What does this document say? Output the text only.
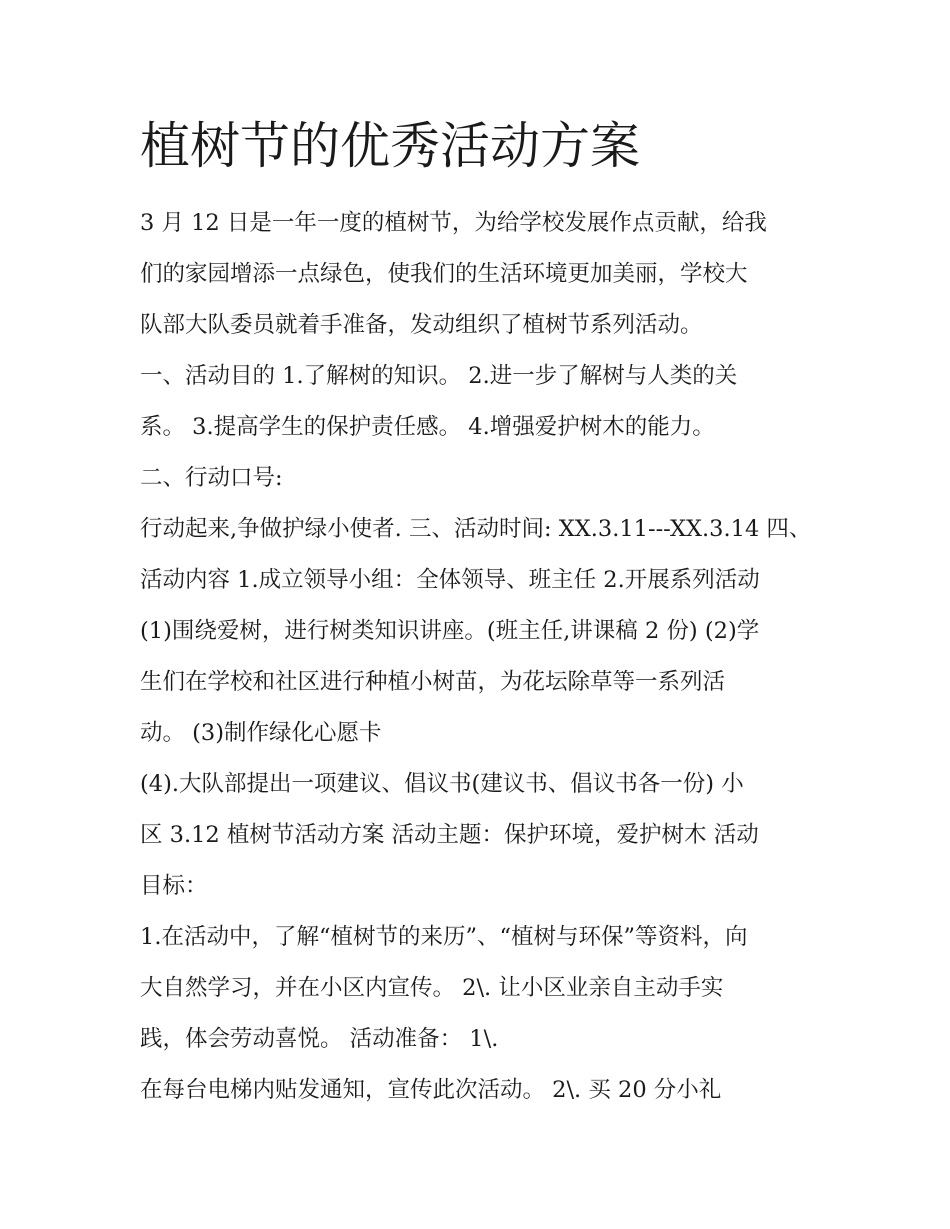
植树节的优秀活动方案
3 月 12 日是一年一度的植树节，为给学校发展作点贡献，给我
们的家园增添一点绿色，使我们的生活环境更加美丽，学校大
队部大队委员就着手准备，发动组织了植树节系列活动。
一、活动目的 1.了解树的知识。 2.进一步了解树与人类的关
系。 3.提高学生的保护责任感。 4.增强爱护树木的能力。
二、行动口号:
行动起来,争做护绿小使者. 三、活动时间: XX.3.11---XX.3.14 四、
活动内容 1.成立领导小组：全体领导、班主任 2.开展系列活动
(1)围绕爱树，进行树类知识讲座。(班主任,讲课稿 2 份) (2)学
生们在学校和社区进行种植小树苗，为花坛除草等一系列活
动。 (3)制作绿化心愿卡
(4).大队部提出一项建议、倡议书(建议书、倡议书各一份) 小
区 3.12 植树节活动方案 活动主题：保护环境，爱护树木 活动
目标：
1.在活动中，了解“植树节的来历”、“植树与环保”等资料，向
大自然学习，并在小区内宣传。 2\. 让小区业亲自主动手实
践，体会劳动喜悦。 活动准备： 1\.
在每台电梯内贴发通知，宣传此次活动。 2\. 买 20 分小礼
